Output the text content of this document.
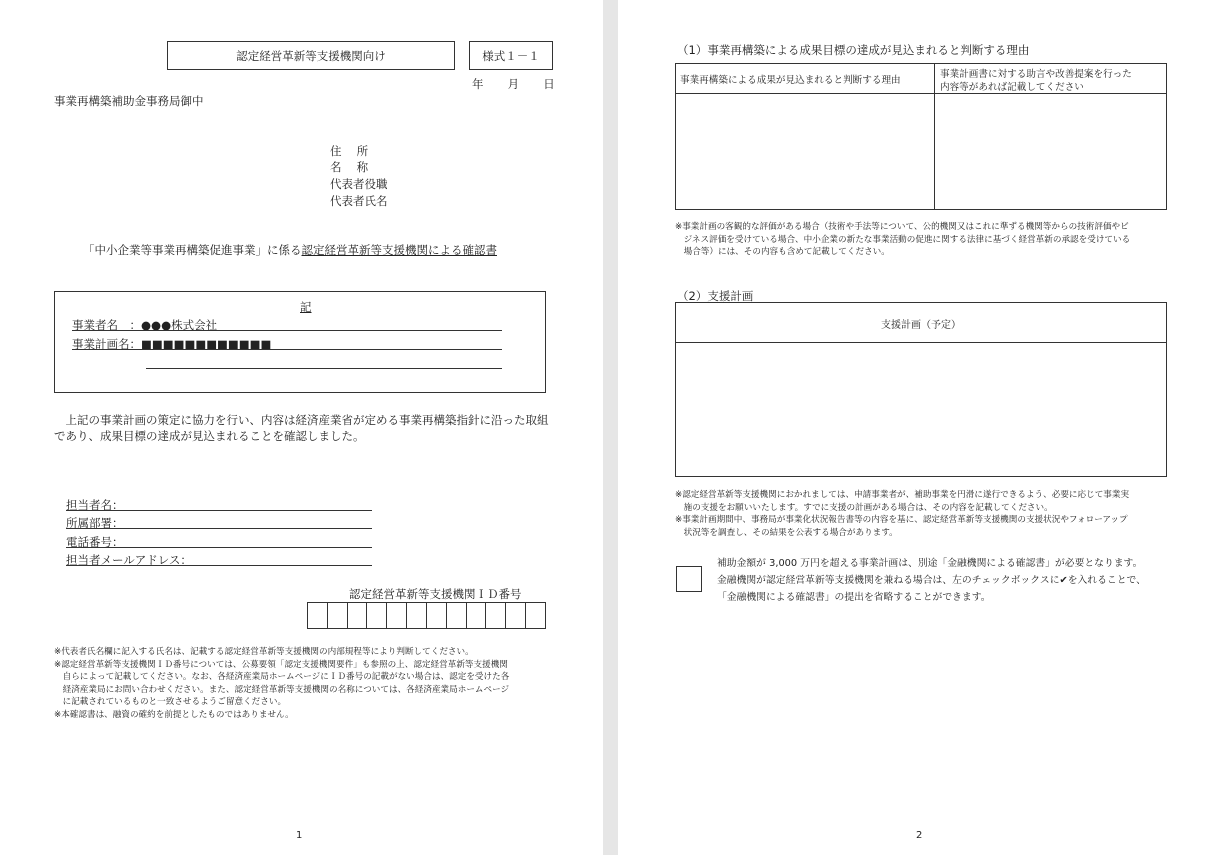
認定経営革新等支援機関向け	様式１－１
年　 月　 日
事業再構築補助金事務局御中
住　 所
名　 称
代表者役職
代表者氏名
「中小企業等事業再構築促進事業」に係る認定経営革新等支援機関による確認書
記
事業者名　：●●●株式会社
事業計画名：■■■■■■■■■■■■
　上記の事業計画の策定に協力を行い、内容は経済産業省が定める事業再構築指針に沿った取組
であり、成果目標の達成が見込まれることを確認しました。
担当者名：
所属部署：
電話番号：
担当者メールアドレス：
認定経営革新等支援機関ＩＤ番号
※代表者氏名欄に記入する氏名は、記載する認定経営革新等支援機関の内部規程等により判断してください。
※認定経営革新等支援機関ＩＤ番号については、公募要領「認定支援機関要件」も参照の上、認定経営革新等支援機関
　自らによって記載してください。なお、各経済産業局ホームページにＩＤ番号の記載がない場合は、認定を受けた各
　経済産業局にお問い合わせください。また、認定経営革新等支援機関の名称については、各経済産業局ホームページ
　に記載されているものと一致させるようご留意ください。
※本確認書は、融資の確約を前提としたものではありません。
1
（1）事業再構築による成果目標の達成が見込まれると判断する理由
事業再構築による成果が見込まれると判断する理由
事業計画書に対する助言や改善提案を行った
内容等があれば記載してください
※事業計画の客観的な評価がある場合（技術や手法等について、公的機関又はこれに準ずる機関等からの技術評価やビ
　ジネス評価を受けている場合、中小企業の新たな事業活動の促進に関する法律に基づく経営革新の承認を受けている
　場合等）には、その内容も含めて記載してください。
（2）支援計画
支援計画（予定）
※認定経営革新等支援機関におかれましては、申請事業者が、補助事業を円滑に遂行できるよう、必要に応じて事業実
　施の支援をお願いいたします。すでに支援の計画がある場合は、その内容を記載してください。
※事業計画期間中、事務局が事業化状況報告書等の内容を基に、認定経営革新等支援機関の支援状況やフォローアップ
　状況等を調査し、その結果を公表する場合があります。
補助金額が 3,000 万円を超える事業計画は、別途「金融機関による確認書」が必要となります。
金融機関が認定経営革新等支援機関を兼ねる場合は、左のチェックボックスに✔を入れることで、
「金融機関による確認書」の提出を省略することができます。
2
